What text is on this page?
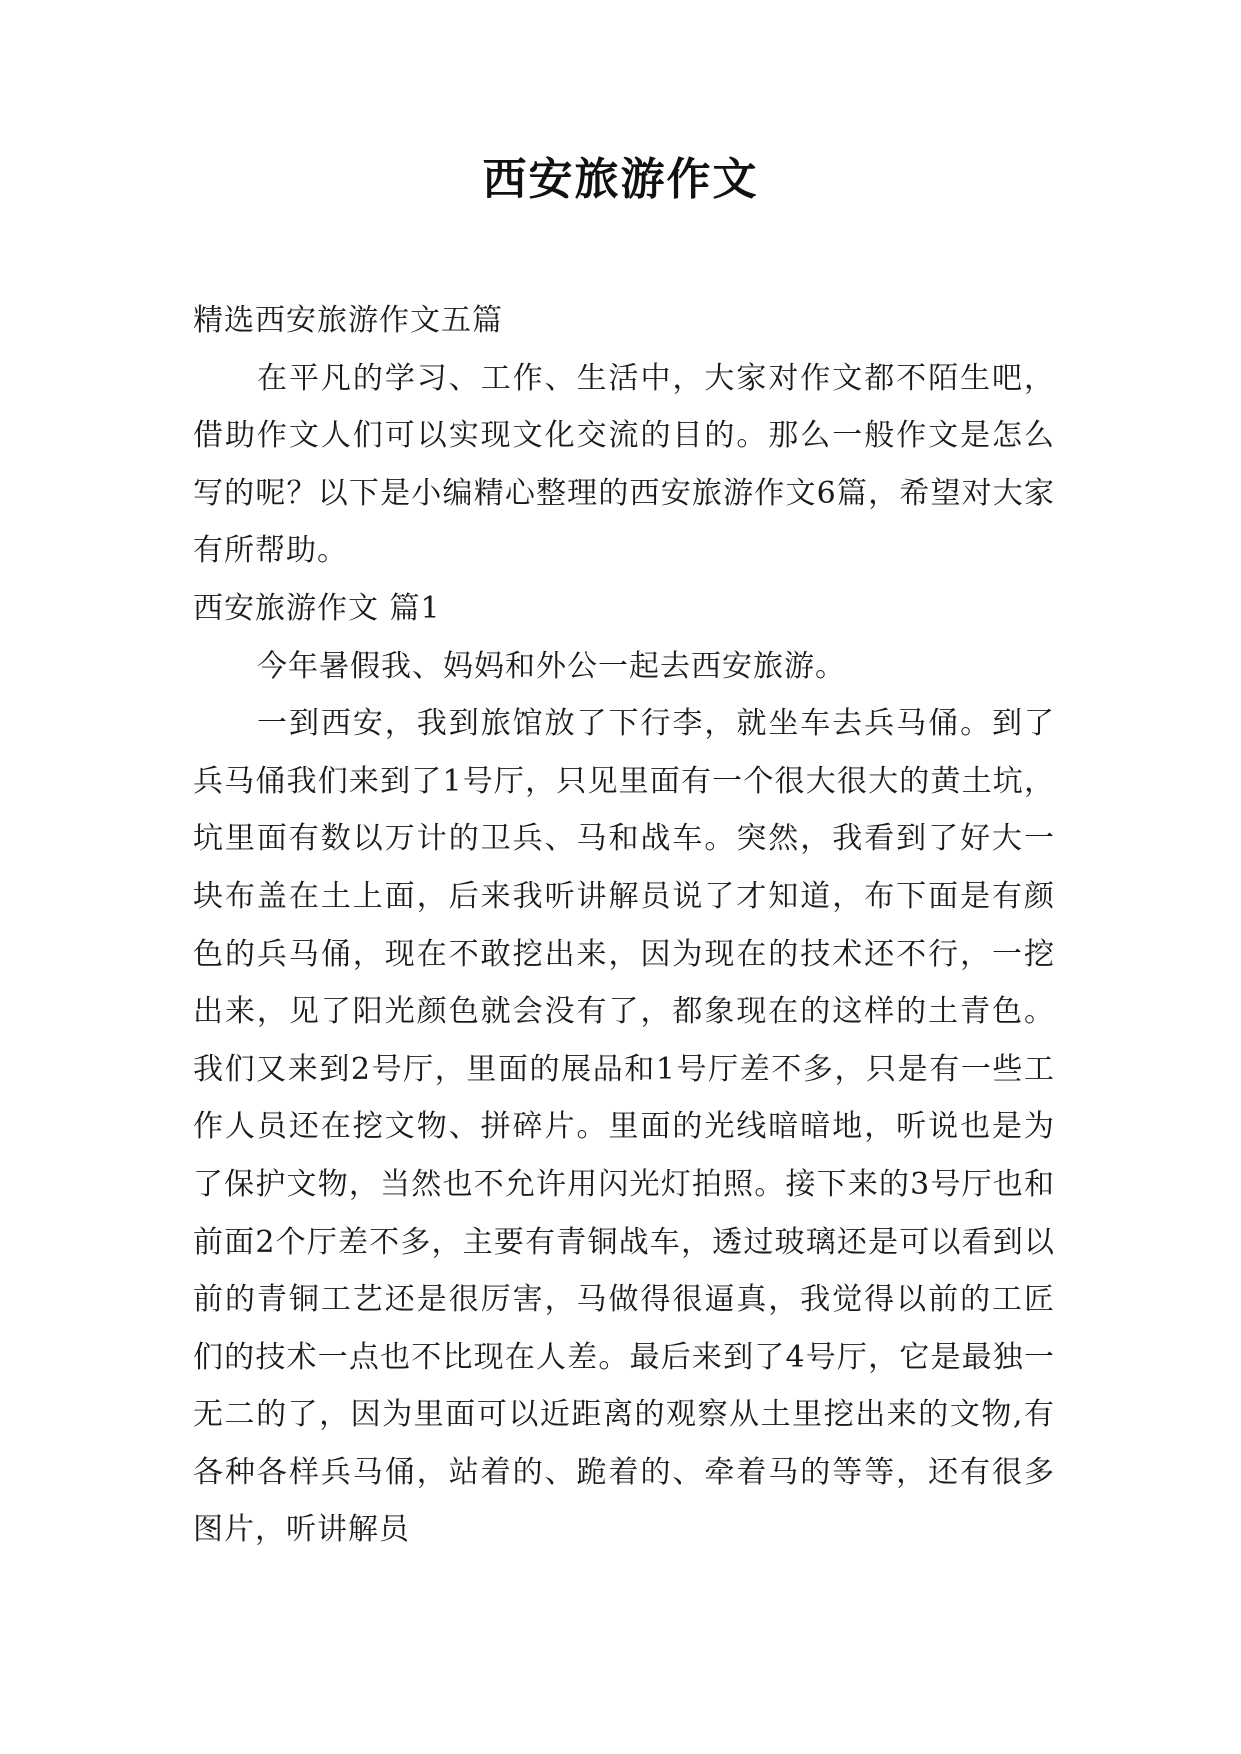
西安旅游作文

精选西安旅游作文五篇

在平凡的学习、工作、生活中，大家对作文都不陌生吧，借助作文人们可以实现文化交流的目的。那么一般作文是怎么写的呢？以下是小编精心整理的西安旅游作文6篇，希望对大家有所帮助。

西安旅游作文 篇1

今年暑假我、妈妈和外公一起去西安旅游。

一到西安，我到旅馆放了下行李，就坐车去兵马俑。到了兵马俑我们来到了1号厅，只见里面有一个很大很大的黄土坑，坑里面有数以万计的卫兵、马和战车。突然，我看到了好大一块布盖在土上面，后来我听讲解员说了才知道，布下面是有颜色的兵马俑，现在不敢挖出来，因为现在的技术还不行，一挖出来，见了阳光颜色就会没有了，都象现在的这样的土青色。我们又来到2号厅，里面的展品和1号厅差不多，只是有一些工作人员还在挖文物、拼碎片。里面的光线暗暗地，听说也是为了保护文物，当然也不允许用闪光灯拍照。接下来的3号厅也和前面2个厅差不多，主要有青铜战车，透过玻璃还是可以看到以前的青铜工艺还是很厉害，马做得很逼真，我觉得以前的工匠们的技术一点也不比现在人差。最后来到了4号厅，它是最独一无二的了，因为里面可以近距离的观察从土里挖出来的文物,有各种各样兵马俑，站着的、跪着的、牵着马的等等，还有很多图片，听讲解员
